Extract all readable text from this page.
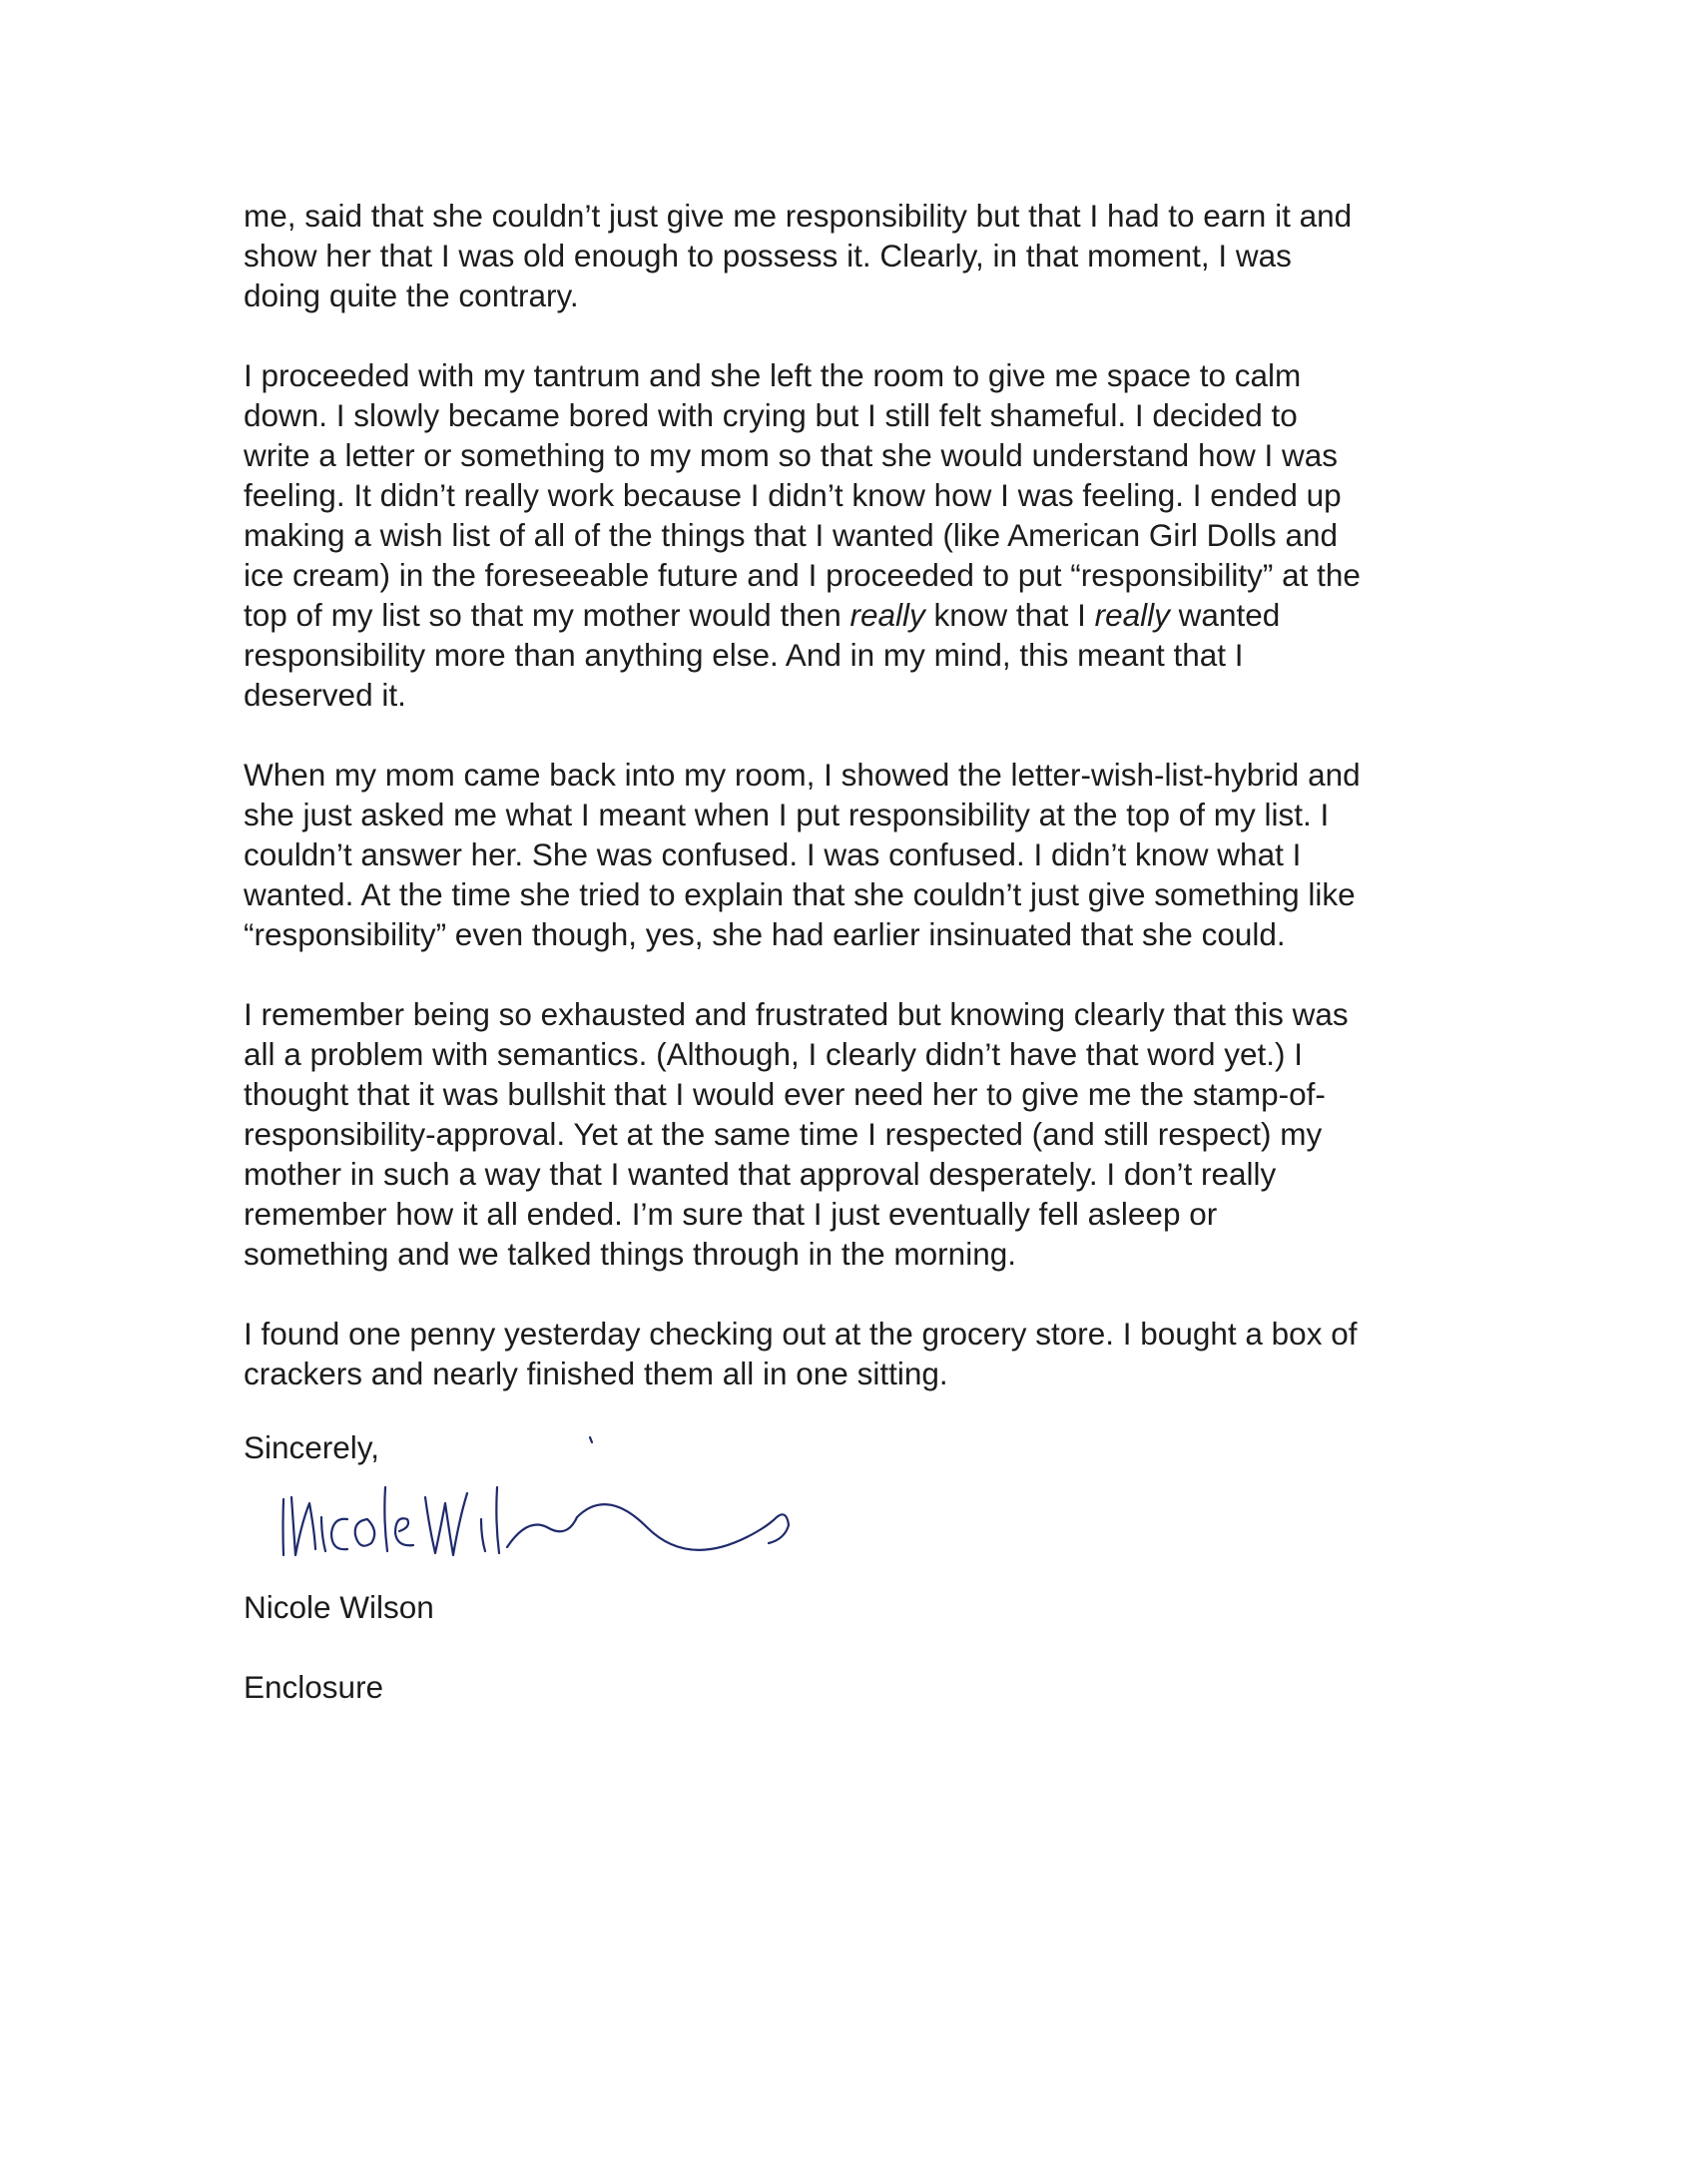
me, said that she couldn’t just give me responsibility but that I had to earn it and
show her that I was old enough to possess it. Clearly, in that moment, I was
doing quite the contrary.
I proceeded with my tantrum and she left the room to give me space to calm
down. I slowly became bored with crying but I still felt shameful. I decided to
write a letter or something to my mom so that she would understand how I was
feeling. It didn’t really work because I didn’t know how I was feeling. I ended up
making a wish list of all of the things that I wanted (like American Girl Dolls and
ice cream) in the foreseeable future and I proceeded to put “responsibility” at the
top of my list so that my mother would then really know that I really wanted
responsibility more than anything else. And in my mind, this meant that I
deserved it.
When my mom came back into my room, I showed the letter-wish-list-hybrid and
she just asked me what I meant when I put responsibility at the top of my list. I
couldn’t answer her. She was confused. I was confused. I didn’t know what I
wanted. At the time she tried to explain that she couldn’t just give something like
“responsibility” even though, yes, she had earlier insinuated that she could.
I remember being so exhausted and frustrated but knowing clearly that this was
all a problem with semantics. (Although, I clearly didn’t have that word yet.) I
thought that it was bullshit that I would ever need her to give me the stamp-of-
responsibility-approval. Yet at the same time I respected (and still respect) my
mother in such a way that I wanted that approval desperately. I don’t really
remember how it all ended. I’m sure that I just eventually fell asleep or
something and we talked things through in the morning.
I found one penny yesterday checking out at the grocery store. I bought a box of
crackers and nearly finished them all in one sitting.
Sincerely,
Nicole Wilson
Enclosure
